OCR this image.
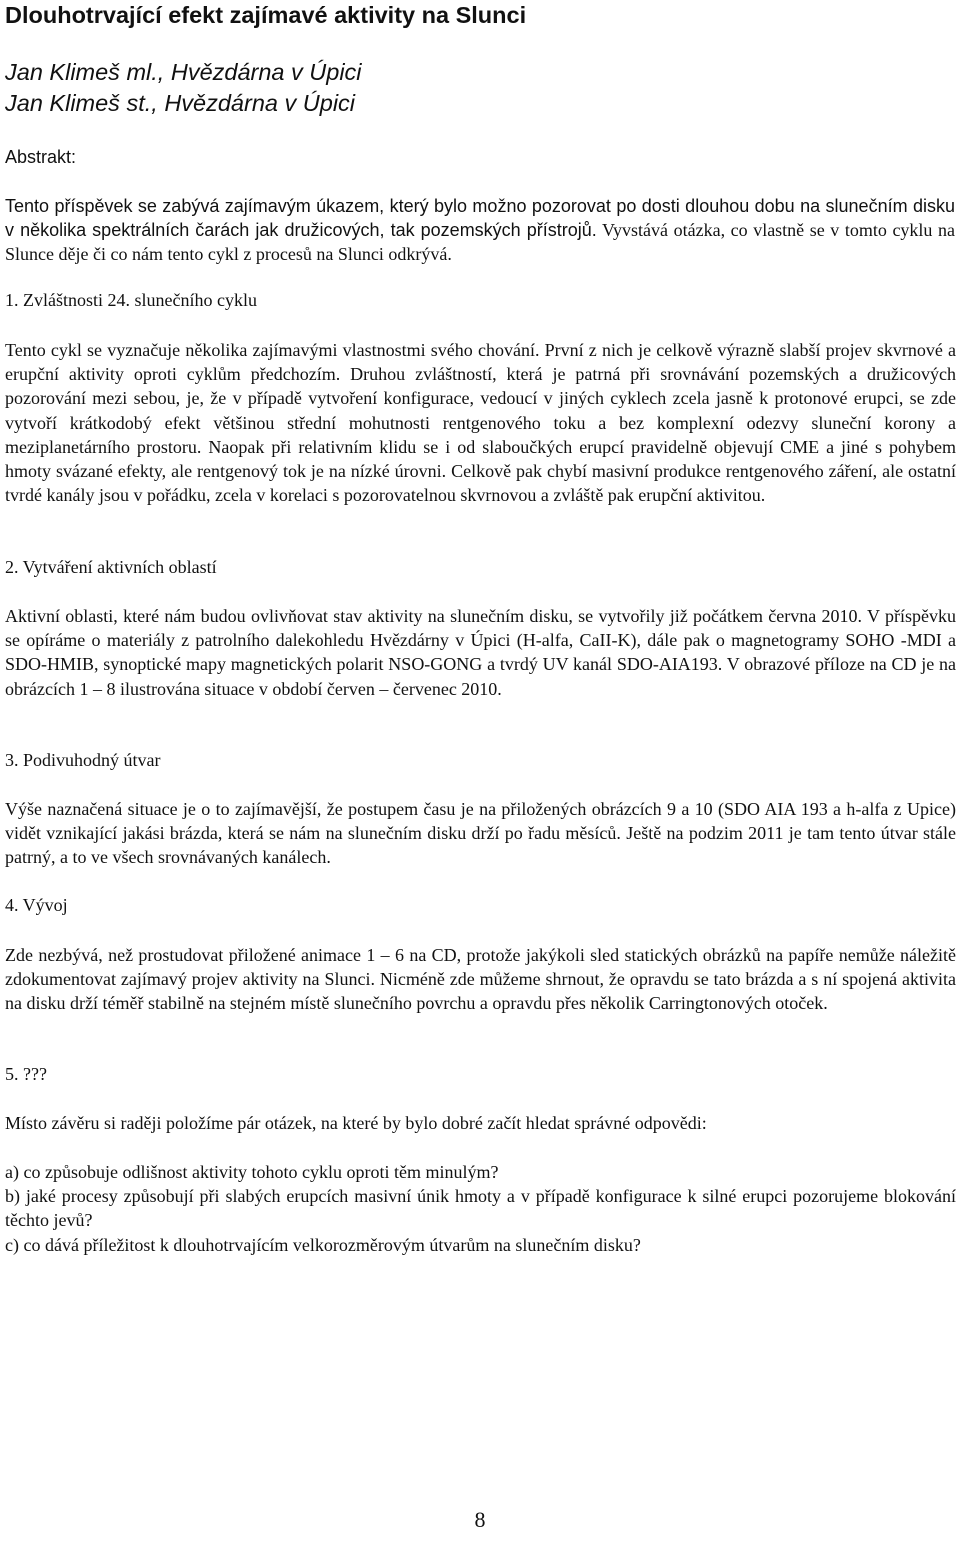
Dlouhotrvající efekt zajímavé aktivity na Slunci
Jan Klimeš ml., Hvězdárna v Úpici
Jan Klimeš st., Hvězdárna v Úpici
Abstrakt:
Tento příspěvek se zabývá zajímavým úkazem, který bylo možno pozorovat po dosti dlouhou dobu na slunečním disku v několika spektrálních čarách jak družicových, tak pozemských přístrojů. Vyvstává otázka, co vlastně se v tomto cyklu na Slunce děje či co nám tento cykl z procesů na Slunci odkrývá.
1. Zvláštnosti 24. slunečního cyklu
Tento cykl se vyznačuje několika zajímavými vlastnostmi svého chování. První z nich je celkově výrazně slabší projev skvrnové a erupční aktivity oproti cyklům předchozím. Druhou zvláštností, která je patrná při srovnávání pozemských a družicových pozorování mezi sebou, je, že v případě vytvoření konfigurace, vedoucí v jiných cyklech zcela jasně k protonové erupci, se zde vytvoří krátkodobý efekt většinou střední mohutnosti rentgenového toku a bez komplexní odezvy sluneční korony a meziplanetárního prostoru. Naopak při relativním klidu se i od slaboučkých erupcí pravidelně objevují CME a jiné s pohybem hmoty svázané efekty, ale rentgenový tok je na nízké úrovni. Celkově pak chybí masivní produkce rentgenového záření, ale ostatní tvrdé kanály jsou v pořádku, zcela v korelaci s pozorovatelnou skvrnovou a zvláště pak erupční aktivitou.
2. Vytváření aktivních oblastí
Aktivní oblasti, které nám budou ovlivňovat stav aktivity na slunečním disku, se vytvořily již počátkem června 2010. V příspěvku se opíráme o materiály z patrolního dalekohledu Hvězdárny v Úpici (H-alfa, CaII-K), dále pak o magnetogramy SOHO -MDI a SDO-HMIB, synoptické mapy magnetických polarit NSO-GONG a tvrdý UV kanál SDO-AIA193. V obrazové příloze na CD je na obrázcích 1 – 8 ilustrována situace v období červen – červenec 2010.
3. Podivuhodný útvar
Výše naznačená situace je o to zajímavější, že postupem času je na přiložených obrázcích 9 a 10 (SDO AIA 193 a h-alfa z Upice) vidět vznikající jakási brázda, která se nám na slunečním disku drží po řadu měsíců. Ještě na podzim 2011 je tam tento útvar stále patrný, a to ve všech srovnávaných kanálech.
4. Vývoj
Zde nezbývá, než prostudovat přiložené animace 1 – 6 na CD, protože jakýkoli sled statických obrázků na papíře nemůže náležitě zdokumentovat zajímavý projev aktivity na Slunci. Nicméně zde můžeme shrnout, že opravdu se tato brázda a s ní spojená aktivita na disku drží téměř stabilně na stejném místě slunečního povrchu a opravdu přes několik Carringtonových otoček.
5. ???
Místo závěru si raději položíme pár otázek, na které by bylo dobré začít hledat správné odpovědi:
a) co způsobuje odlišnost aktivity tohoto cyklu oproti těm minulým?
b) jaké procesy způsobují při slabých erupcích masivní únik hmoty a v případě konfigurace k silné erupci pozorujeme blokování těchto jevů?
c) co dává příležitost k dlouhotrvajícím velkorozměrovým útvarům na slunečním disku?
8
